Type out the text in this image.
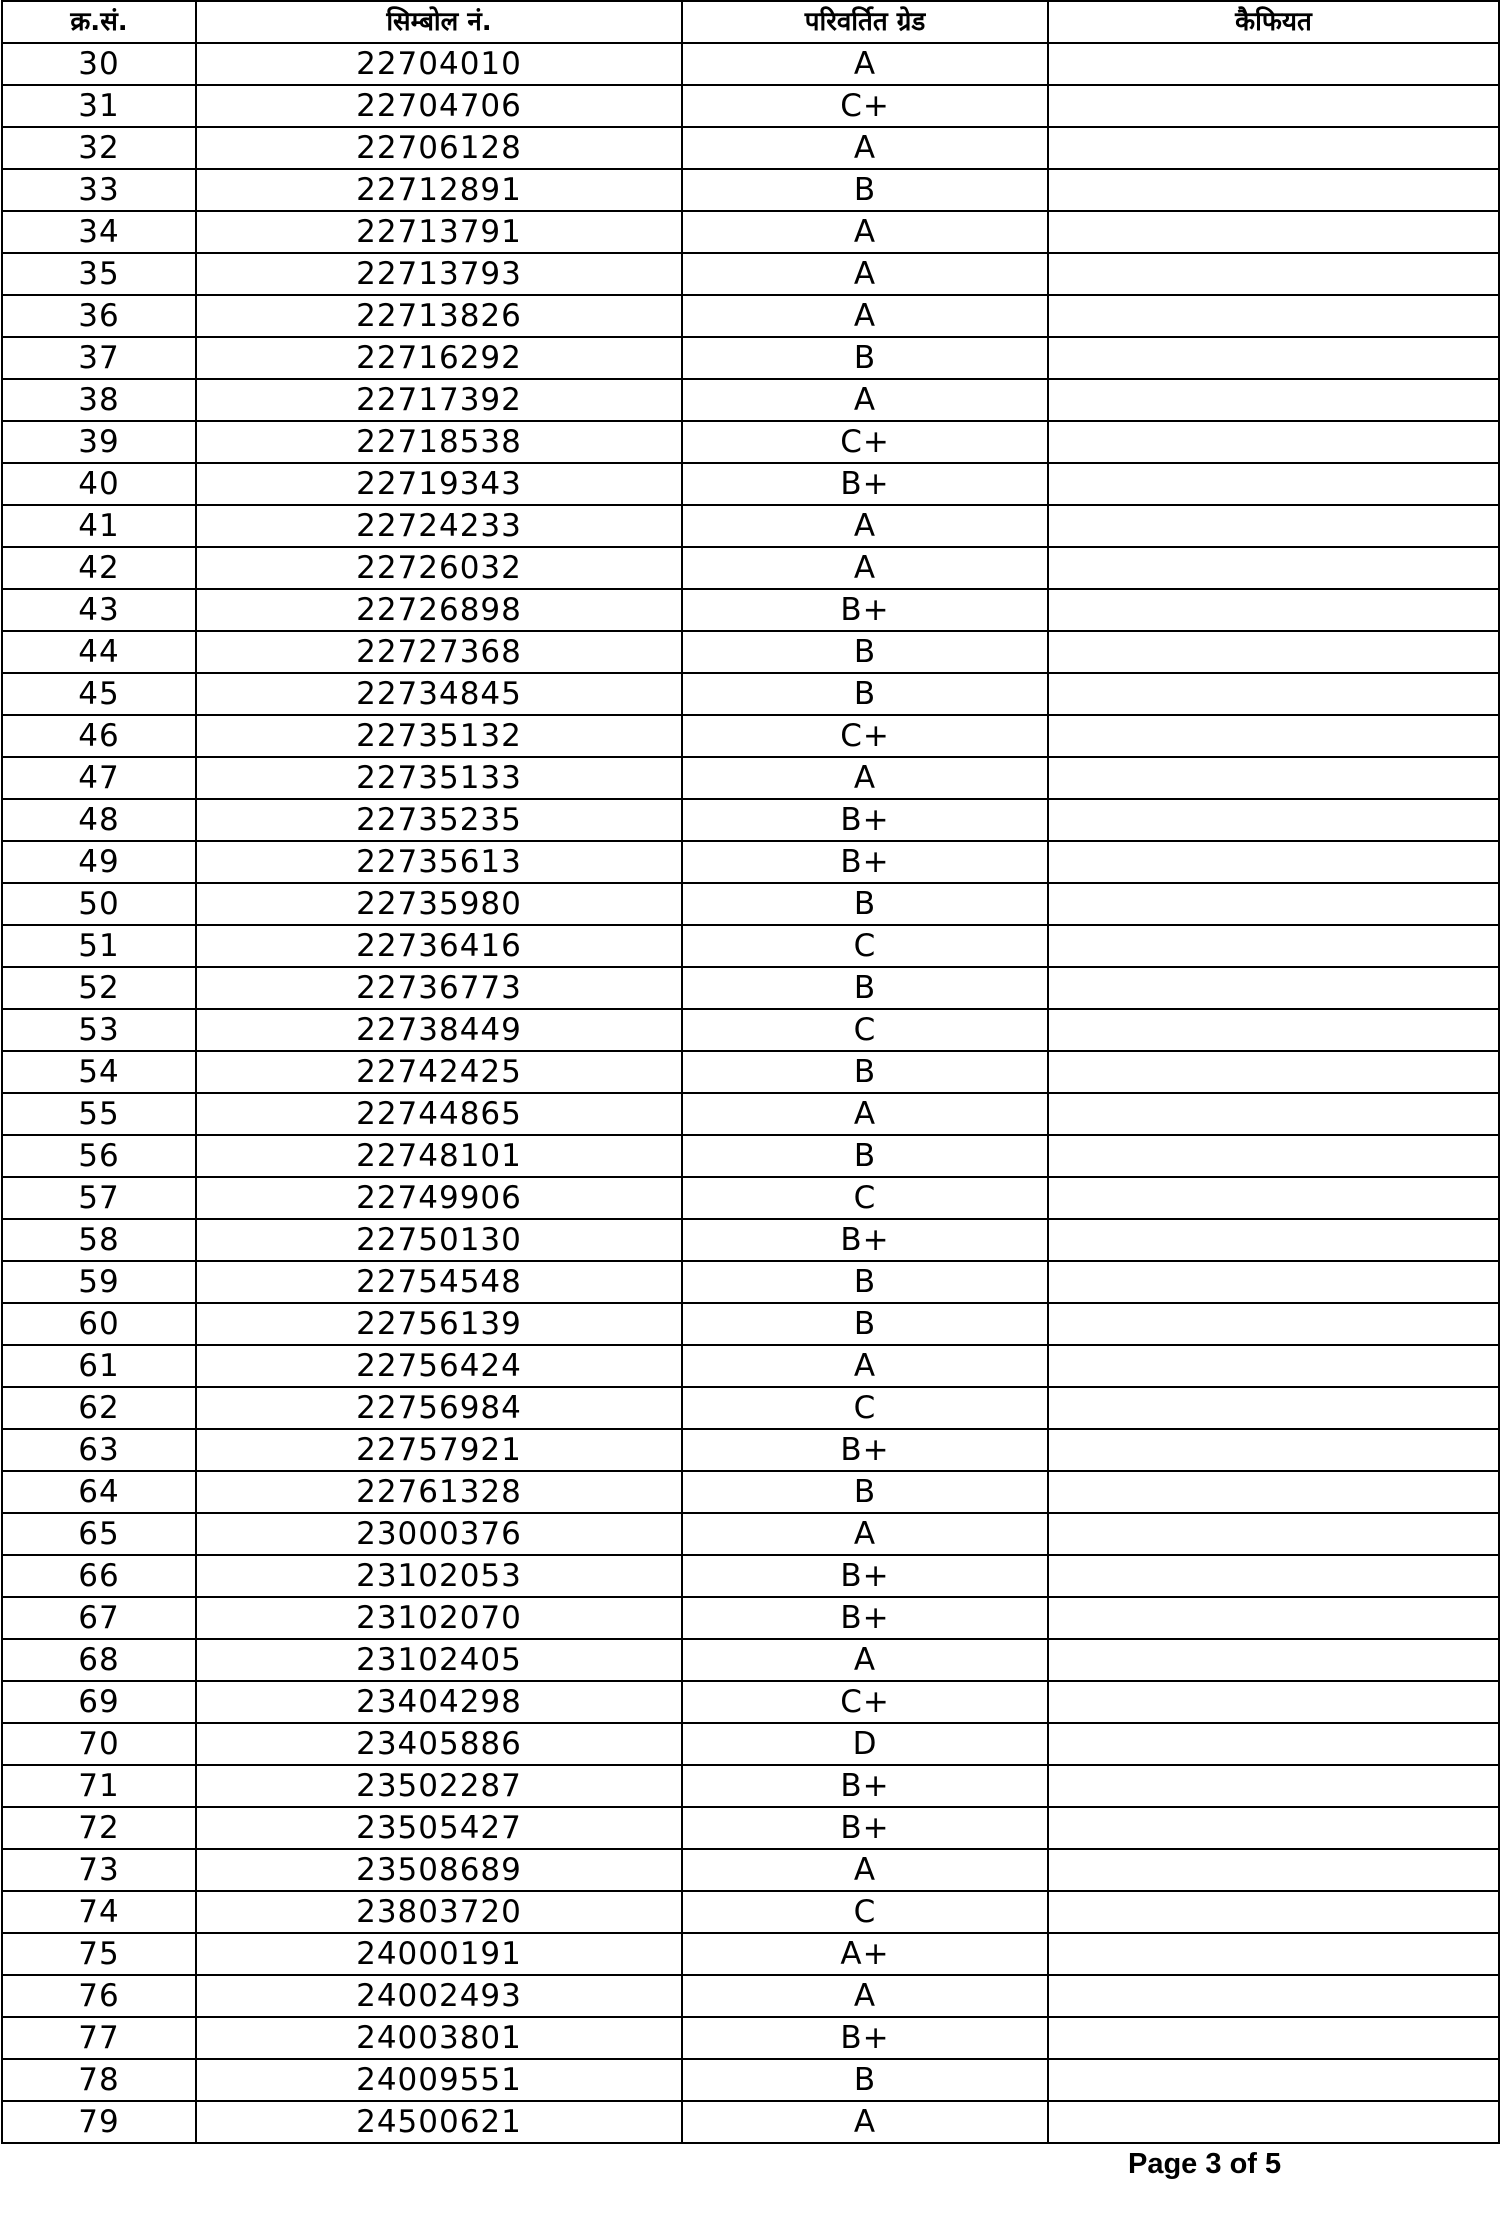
क्र.सं.	सिम्बोल नं.	परिवर्तित ग्रेड	कैफियत
30	22704010	A	
31	22704706	C+	
32	22706128	A	
33	22712891	B	
34	22713791	A	
35	22713793	A	
36	22713826	A	
37	22716292	B	
38	22717392	A	
39	22718538	C+	
40	22719343	B+	
41	22724233	A	
42	22726032	A	
43	22726898	B+	
44	22727368	B	
45	22734845	B	
46	22735132	C+	
47	22735133	A	
48	22735235	B+	
49	22735613	B+	
50	22735980	B	
51	22736416	C	
52	22736773	B	
53	22738449	C	
54	22742425	B	
55	22744865	A	
56	22748101	B	
57	22749906	C	
58	22750130	B+	
59	22754548	B	
60	22756139	B	
61	22756424	A	
62	22756984	C	
63	22757921	B+	
64	22761328	B	
65	23000376	A	
66	23102053	B+	
67	23102070	B+	
68	23102405	A	
69	23404298	C+	
70	23405886	D	
71	23502287	B+	
72	23505427	B+	
73	23508689	A	
74	23803720	C	
75	24000191	A+	
76	24002493	A	
77	24003801	B+	
78	24009551	B	
79	24500621	A	
Page 3 of 5
